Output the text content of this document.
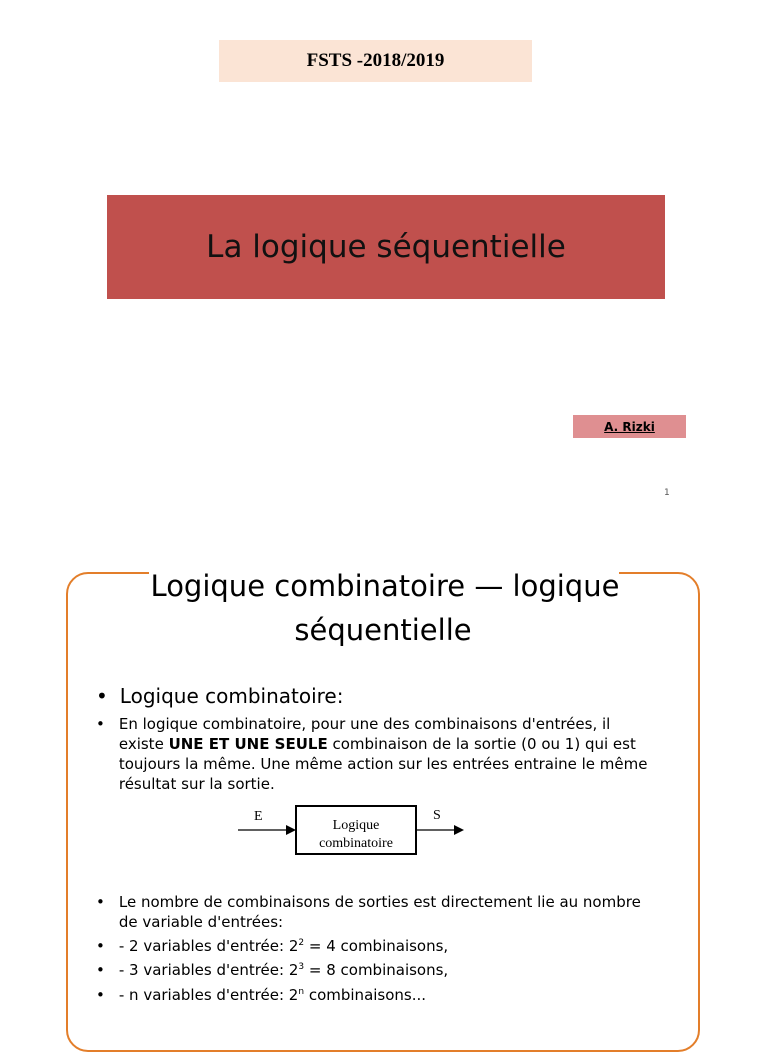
FSTS -2018/2019
La logique séquentielle
A. Rizki
1
Logique combinatoire — logique séquentielle
• Logique combinatoire:
• En logique combinatoire, pour une des combinaisons d'entrées, il existe UNE ET UNE SEULE combinaison de la sortie (0 ou 1) qui est toujours la même. Une même action sur les entrées entraine le même résultat sur la sortie.
E
Logique
combinatoire
S
• Le nombre de combinaisons de sorties est directement lie au nombre de variable d'entrées:
• - 2 variables d'entrée: $2^2 = 4$ combinaisons,
• - 3 variables d'entrée: $2^3 = 8$ combinaisons,
• - n variables d'entrée: 2$^n$ combinaisons...
